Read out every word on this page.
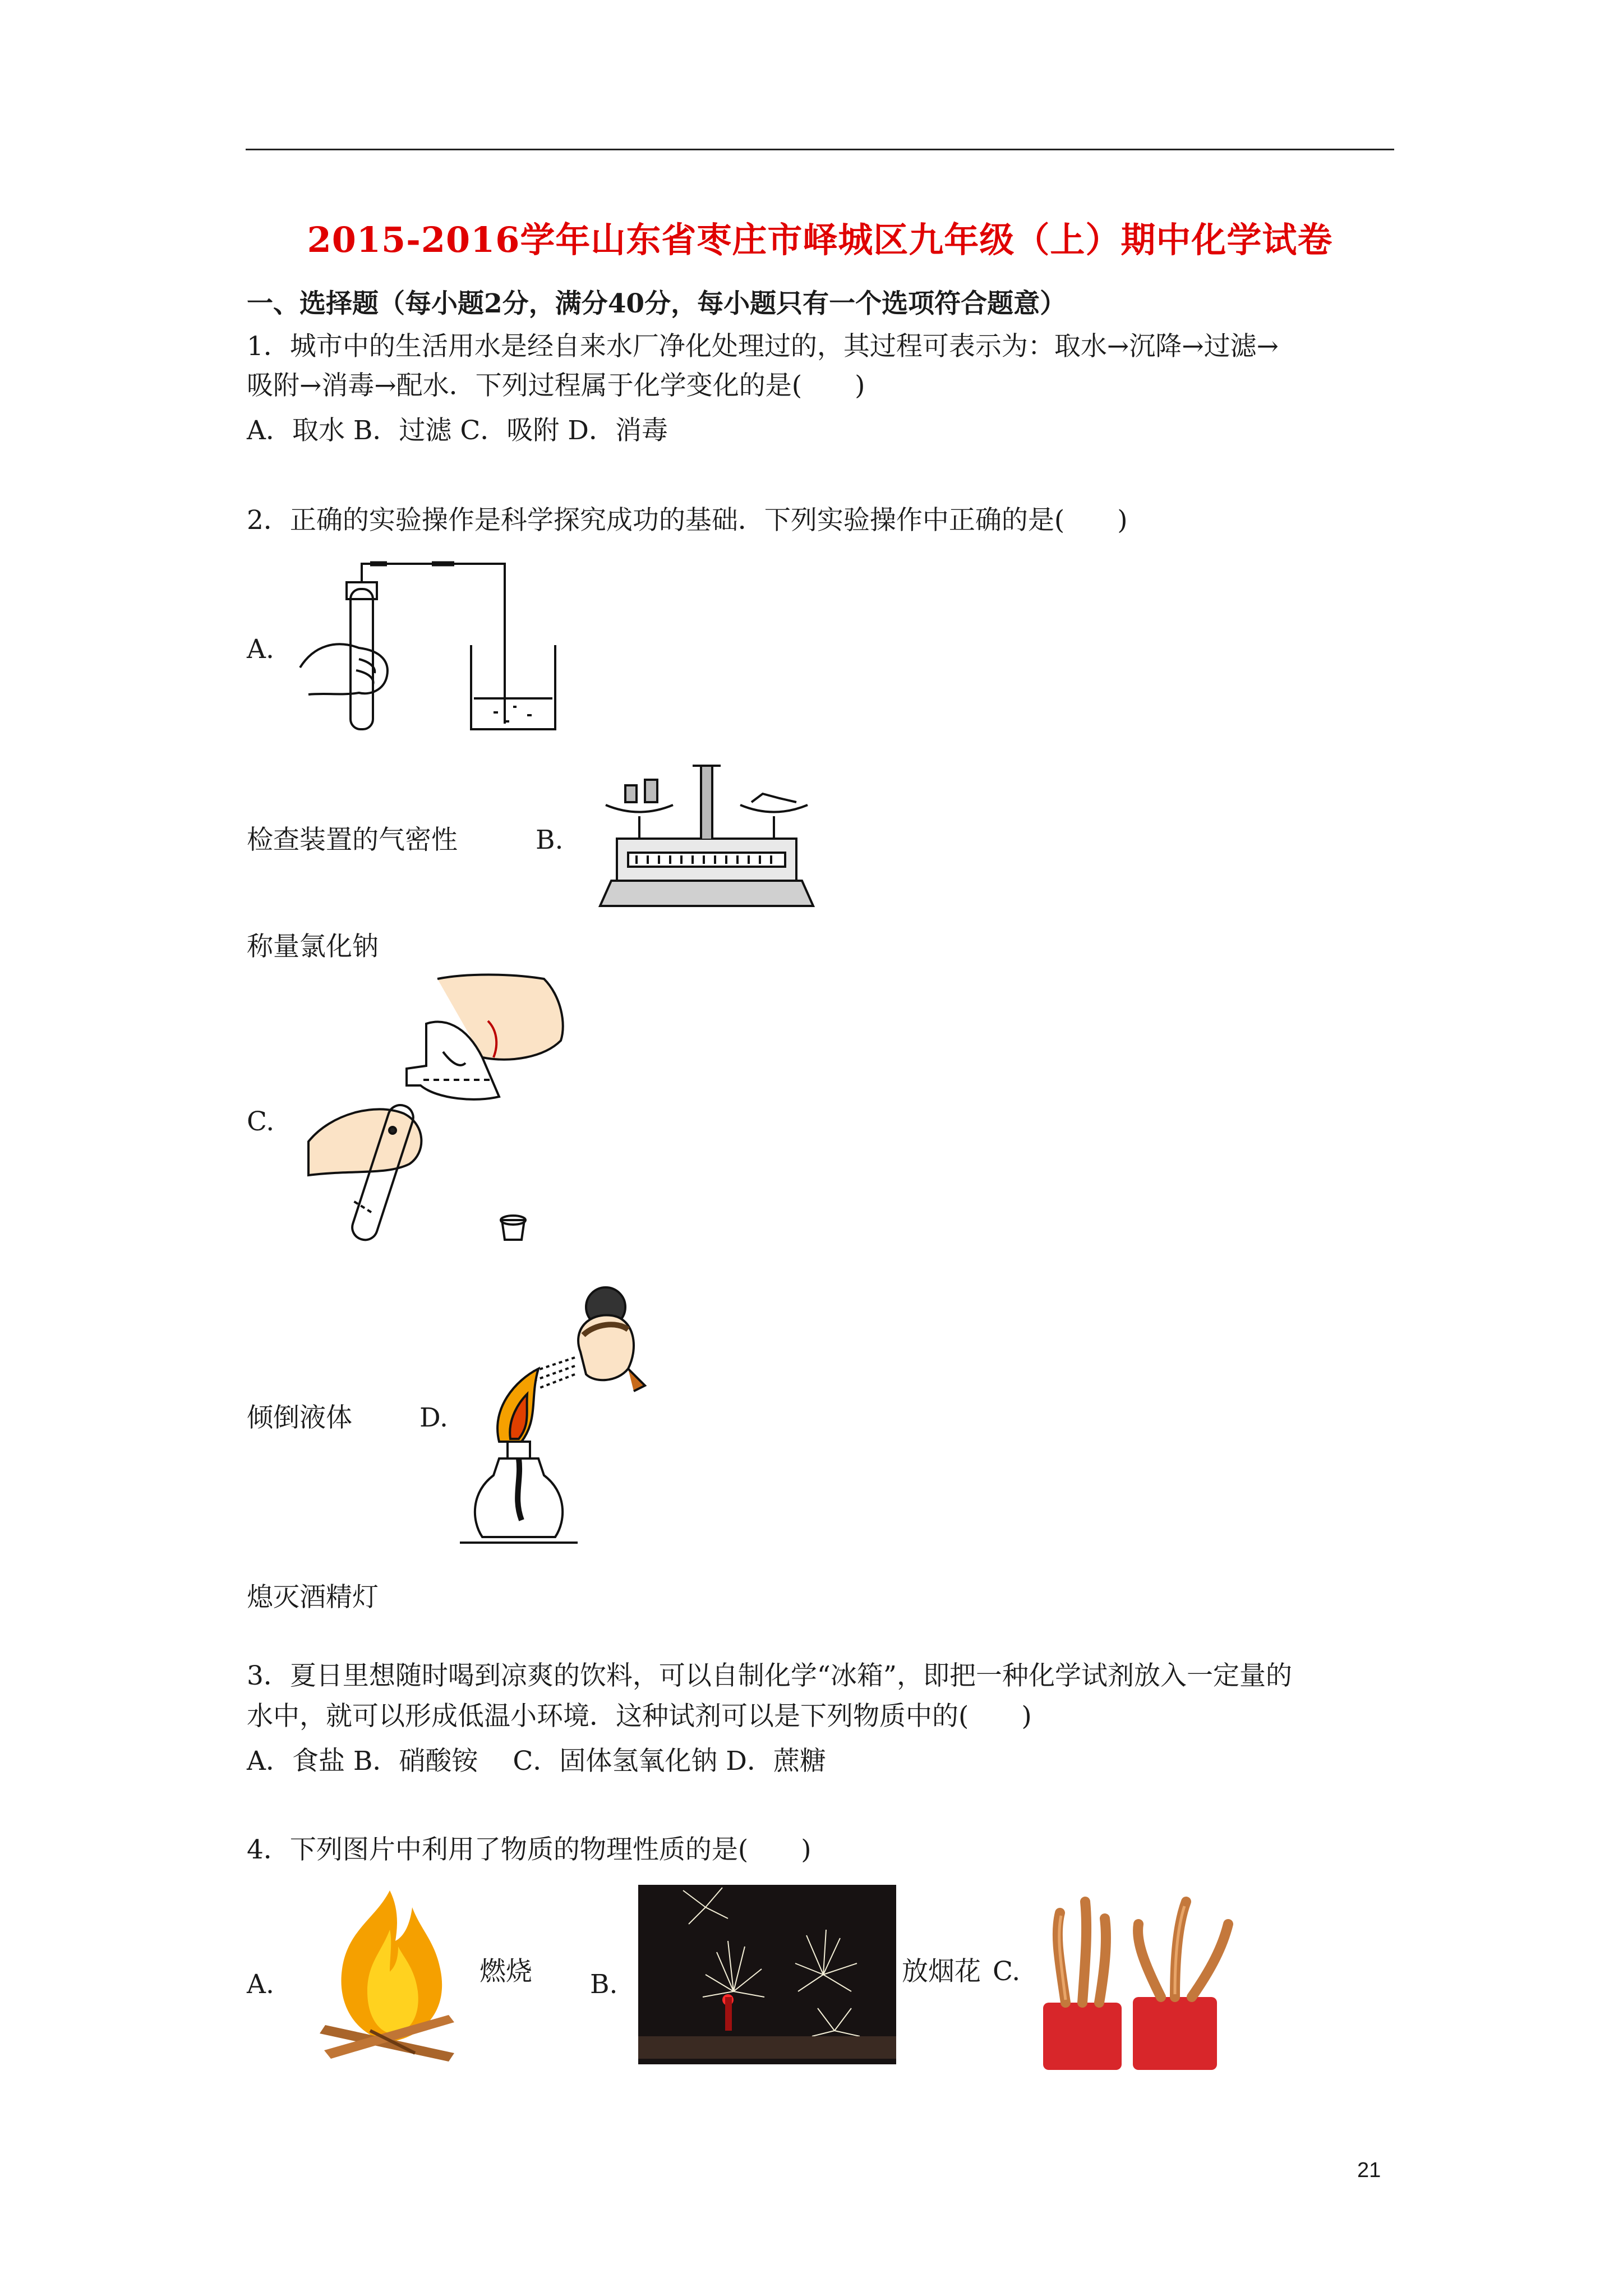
2015-2016学年山东省枣庄市峄城区九年级（上）期中化学试卷
一、选择题（每小题2分，满分40分，每小题只有一个选项符合题意）
1．城市中的生活用水是经自来水厂净化处理过的，其过程可表示为：取水→沉降→过滤→
吸附→消毒→配水．下列过程属于化学变化的是(　　)
A．取水 B．过滤 C．吸附 D．消毒
2．正确的实验操作是科学探究成功的基础．下列实验操作中正确的是(　　)
A.
检查装置的气密性	B.
称量氯化钠
C.
倾倒液体	D.
熄灭酒精灯
3．夏日里想随时喝到凉爽的饮料，可以自制化学“冰箱”，即把一种化学试剂放入一定量的
水中，就可以形成低温小环境．这种试剂可以是下列物质中的(　　)
A．食盐 B．硝酸铵　 C．固体氢氧化钠 D．蔗糖
4．下列图片中利用了物质的物理性质的是(　　)
A.	燃烧 B.	放烟花 C.
21
